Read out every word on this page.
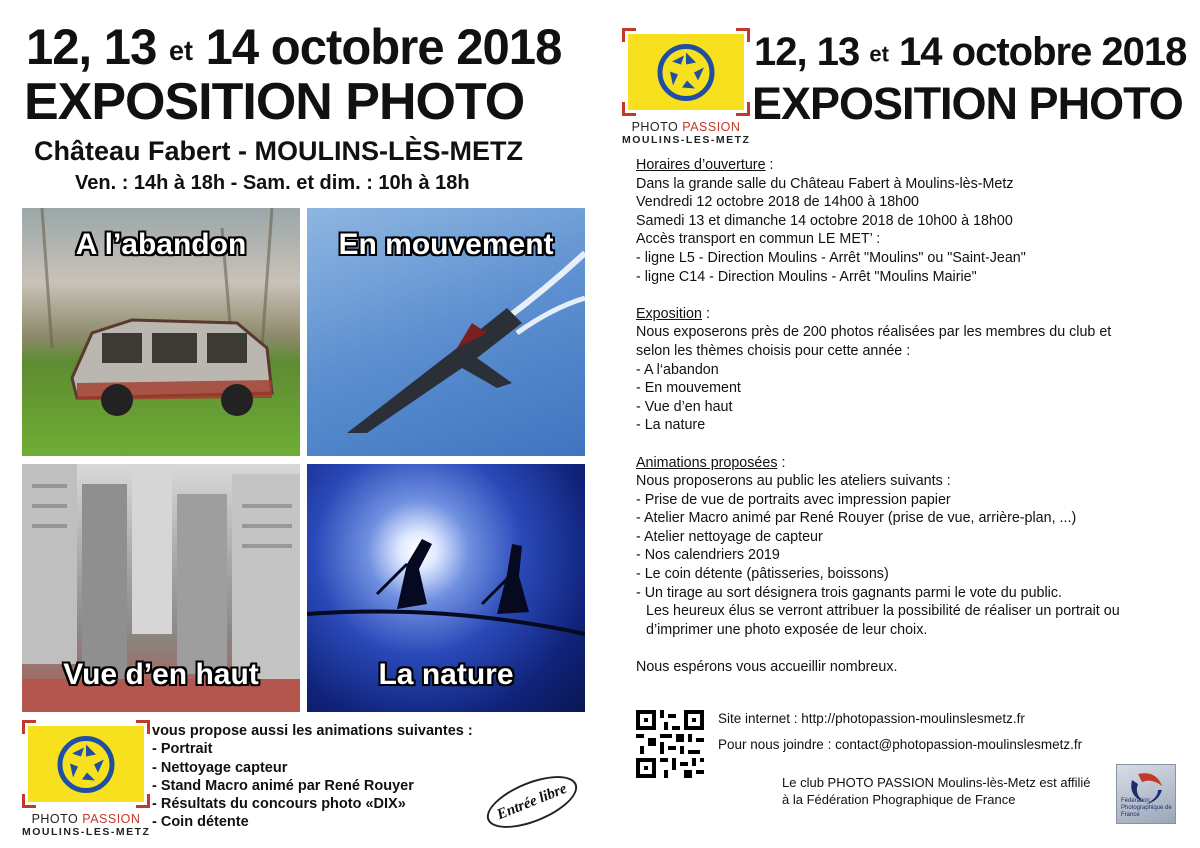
12, 13 et 14 octobre 2018
EXPOSITION PHOTO
Château Fabert - MOULINS-LÈS-METZ
Ven. : 14h à 18h - Sam. et dim. : 10h à 18h
A l’abandon	En mouvement
Vue d’en haut	La nature
PHOTO PASSION
MOULINS-LES-METZ
vous propose aussi les animations suivantes :
- Portrait
- Nettoyage capteur
- Stand Macro animé par René Rouyer
- Résultats du concours photo «DIX»
- Coin détente	Entrée libre
PHOTO PASSION
MOULINS-LES-METZ
12, 13 et 14 octobre 2018
EXPOSITION PHOTO

Horaires d’ouverture :

Dans la grande salle du Château Fabert à Moulins-lès-Metz

Vendredi 12 octobre 2018 de 14h00 à 18h00

Samedi 13 et dimanche 14 octobre 2018 de 10h00 à 18h00

Accès transport en commun LE MET’ :

- ligne L5 - Direction Moulins - Arrêt "Moulins" ou "Saint-Jean"

- ligne C14 - Direction Moulins - Arrêt "Moulins Mairie"

Exposition :

Nous exposerons près de 200 photos réalisées par les membres du club et

selon les thèmes choisis pour cette année :

- A l‘abandon

- En mouvement

- Vue d’en haut

- La nature

Animations proposées :

Nous proposerons au public les ateliers suivants :

- Prise de vue de portraits avec impression papier

- Atelier Macro animé par René Rouyer (prise de vue, arrière-plan, ...)

- Atelier nettoyage de capteur

- Nos calendriers 2019

- Le coin détente (pâtisseries, boissons)

- Un tirage au sort désignera trois gagnants parmi le vote du public.

Les heureux élus se verront attribuer la possibilité de réaliser un portrait ou

d’imprimer une photo exposée de leur choix.

Nous espérons vous accueillir nombreux.

Site internet : http://photopassion-moulinslesmetz.fr
Pour nous joindre : contact@photopassion-moulinslesmetz.fr
Le club PHOTO PASSION Moulins-lès-Metz est affilié
à la Fédération Phographique de France	Fédération Photographique de France
